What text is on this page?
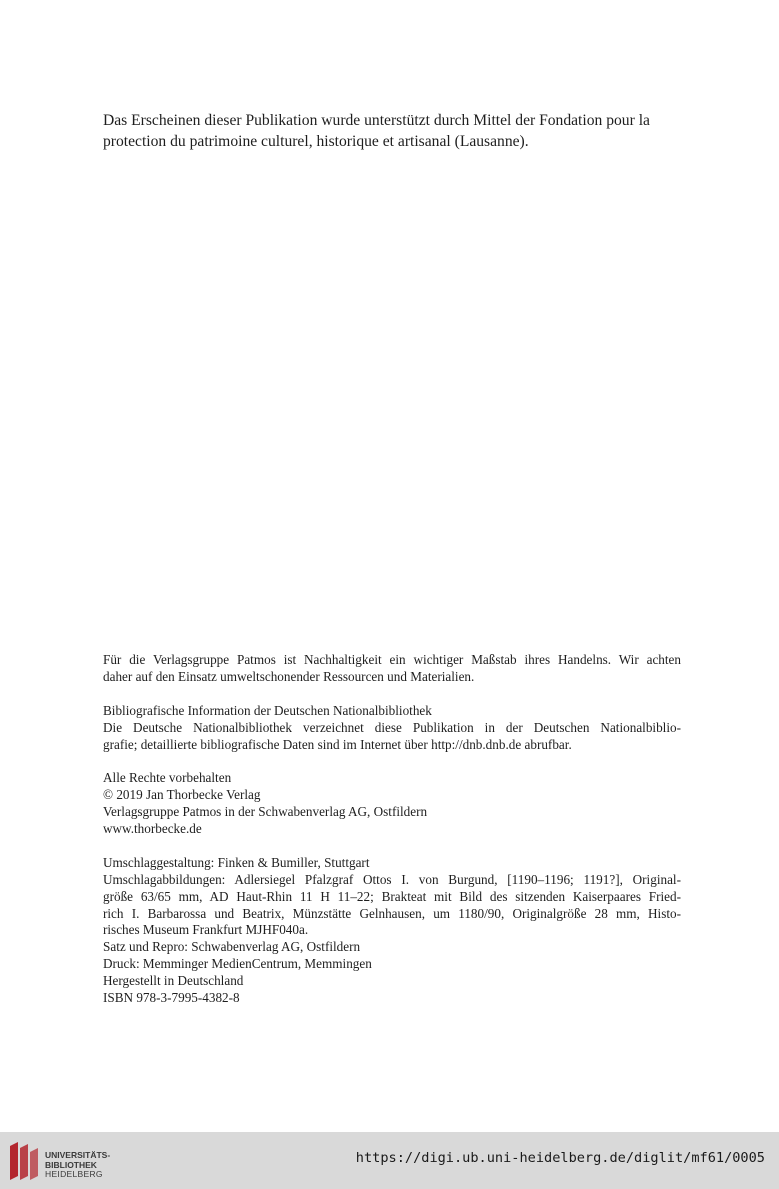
Das Erscheinen dieser Publikation wurde unterstützt durch Mittel der Fondation pour la
protection du patrimoine culturel, historique et artisanal (Lausanne).

Für die Verlagsgruppe Patmos ist Nachhaltigkeit ein wichtiger Maßstab ihres Handelns. Wir achten
daher auf den Einsatz umweltschonender Ressourcen und Materialien.
Bibliografische Information der Deutschen Nationalbibliothek
Die Deutsche Nationalbibliothek verzeichnet diese Publikation in der Deutschen Nationalbiblio-
grafie; detaillierte bibliografische Daten sind im Internet über http://dnb.dnb.de abrufbar.
Alle Rechte vorbehalten
© 2019 Jan Thorbecke Verlag
Verlagsgruppe Patmos in der Schwabenverlag AG, Ostfildern
www.thorbecke.de
Umschlaggestaltung: Finken & Bumiller, Stuttgart
Umschlagabbildungen: Adlersiegel Pfalzgraf Ottos I. von Burgund, [1190–1196; 1191?], Original-
größe 63/65 mm, AD Haut-Rhin 11 H 11–22; Brakteat mit Bild des sitzenden Kaiserpaares Fried-
rich I. Barbarossa und Beatrix, Münzstätte Gelnhausen, um 1180/90, Originalgröße 28 mm, Histo-
risches Museum Frankfurt MJHF040a.
Satz und Repro: Schwabenverlag AG, Ostfildern
Druck: Memminger MedienCentrum, Memmingen
Hergestellt in Deutschland
ISBN 978-3-7995-4382-8
UNIVERSITÄTS-
BIBLIOTHEK
HEIDELBERG
https://digi.ub.uni-heidelberg.de/diglit/mf61/0005
